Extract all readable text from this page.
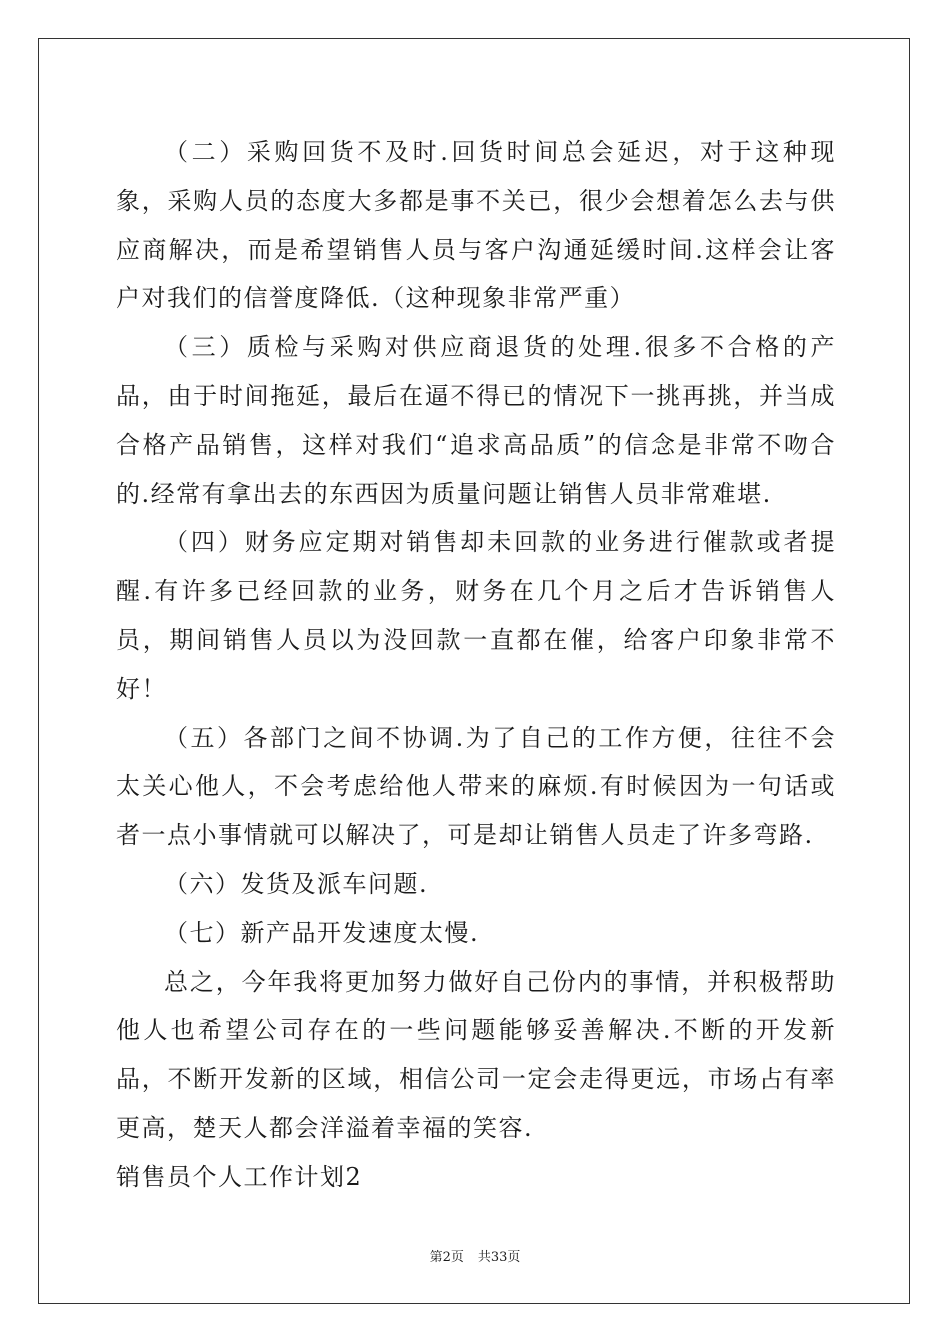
（二）采购回货不及时.回货时间总会延迟，对于这种现象，采购人员的态度大多都是事不关已，很少会想着怎么去与供应商解决，而是希望销售人员与客户沟通延缓时间.这样会让客户对我们的信誉度降低.（这种现象非常严重）

（三）质检与采购对供应商退货的处理.很多不合格的产品，由于时间拖延，最后在逼不得已的情况下一挑再挑，并当成合格产品销售，这样对我们“追求高品质”的信念是非常不吻合的.经常有拿出去的东西因为质量问题让销售人员非常难堪.

（四）财务应定期对销售却未回款的业务进行催款或者提醒.有许多已经回款的业务，财务在几个月之后才告诉销售人员，期间销售人员以为没回款一直都在催，给客户印象非常不好！

（五）各部门之间不协调.为了自己的工作方便，往往不会太关心他人，不会考虑给他人带来的麻烦.有时候因为一句话或者一点小事情就可以解决了，可是却让销售人员走了许多弯路.

（六）发货及派车问题.

（七）新产品开发速度太慢.

总之，今年我将更加努力做好自己份内的事情，并积极帮助他人也希望公司存在的一些问题能够妥善解决.不断的开发新品，不断开发新的区域，相信公司一定会走得更远，市场占有率更高，楚天人都会洋溢着幸福的笑容.

销售员个人工作计划2

第2页 共33页
